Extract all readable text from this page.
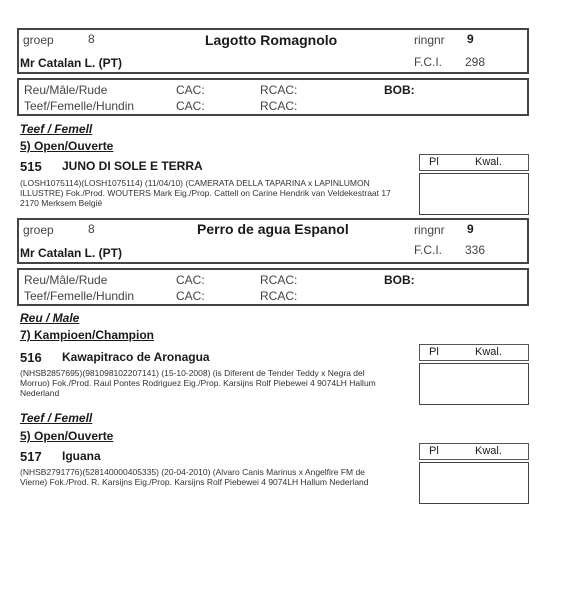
groep	8	Lagotto Romagnolo	ringnr 9
Mr Catalan L. (PT)	F.C.I. 298
Reu/Mâle/Rude	CAC:	RCAC:	BOB:
Teef/Femelle/Hundin	CAC:	RCAC:
Teef / Femell
5) Open/Ouverte
515 JUNO DI SOLE E TERRA
(LOSH1075114)(LOSH1075114) (11/04/10) (CAMERATA DELLA TAPARINA x LAPINLUMON
ILLUSTRE) Fok./Prod. WOUTERS Mark Eig./Prop. Cattell on Carine Hendrik van Veldekestraat 17
2170 Merksem België
Pl	Kwal.
groep	8	Perro de agua Espanol	ringnr 9
Mr Catalan L. (PT)	F.C.I. 336
Reu/Mâle/Rude	CAC:	RCAC:	BOB:
Teef/Femelle/Hundin	CAC:	RCAC:
Reu / Male
7) Kampioen/Champion
516 Kawapitraco de Aronagua
(NHSB2857695)(981098102207141) (15-10-2008) (is Diferent de Tender Teddy x Negra del
Morruo) Fok./Prod. Raul Pontes Rodriguez Eig./Prop. Karsijns Rolf Piebewei 4 9074LH Hallum
Nederland
Pl	Kwal.
Teef / Femell
5) Open/Ouverte
517 Iguana
(NHSB2791776)(528140000405335) (20-04-2010) (Alvaro Canis Marinus x Angelfire FM de
Vierne) Fok./Prod. R. Karsijns Eig./Prop. Karsijns Rolf Piebewei 4 9074LH Hallum Nederland
Pl	Kwal.
